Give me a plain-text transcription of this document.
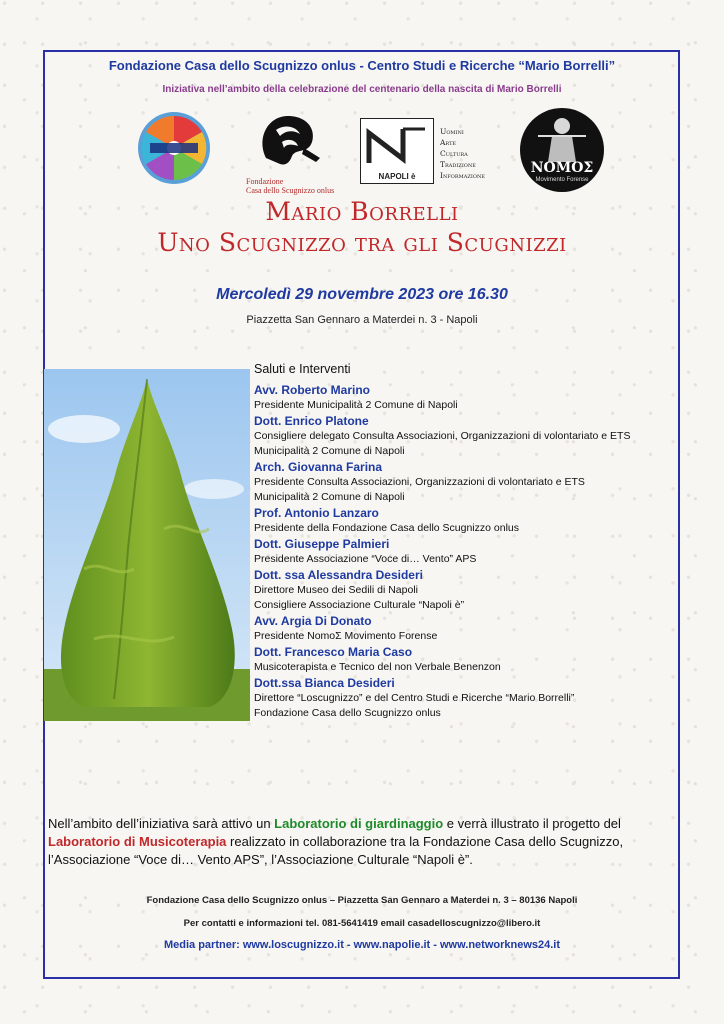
Fondazione Casa dello Scugnizzo onlus - Centro Studi e Ricerche “Mario Borrelli”
Iniziativa nell’ambito della celebrazione del centenario della nascita di Mario Borrelli
Fondazione
Casa dello Scugnizzo onlus
NAPOLI è
Uomini
Arte
Cultura
Tradizione
Informazione	ΝΟΜΟΣ
Movimento Forense
Mario Borrelli
Uno Scugnizzo tra gli Scugnizzi
Mercoledì 29 novembre 2023 ore 16.30
Piazzetta San Gennaro a Materdei n. 3 - Napoli
Saluti e Interventi
Avv. Roberto Marino
Presidente Municipalità 2 Comune di Napoli
Dott. Enrico Platone
Consigliere delegato Consulta Associazioni, Organizzazioni di volontariato e ETS
Municipalità 2 Comune di Napoli
Arch. Giovanna Farina
Presidente Consulta Associazioni, Organizzazioni di volontariato e ETS
Municipalità 2 Comune di Napoli
Prof. Antonio Lanzaro
Presidente della Fondazione Casa dello Scugnizzo onlus
Dott. Giuseppe Palmieri
Presidente Associazione “Voce di… Vento” APS
Dott. ssa Alessandra Desideri
Direttore Museo dei Sedili di Napoli
Consigliere Associazione Culturale “Napoli è”
Avv. Argia Di Donato
Presidente NomoΣ Movimento Forense
Dott. Francesco Maria Caso
Musicoterapista e Tecnico del non Verbale Benenzon
Dott.ssa Bianca Desideri
Direttore “Loscugnizzo” e del Centro Studi e Ricerche “Mario Borrelli”
Fondazione Casa dello Scugnizzo onlus
Nell’ambito dell’iniziativa sarà attivo un Laboratorio di giardinaggio e verrà illustrato il progetto del Laboratorio di Musicoterapia realizzato in collaborazione tra la Fondazione Casa dello Scugnizzo, l’Associazione “Voce di… Vento APS”, l’Associazione Culturale “Napoli è”.
Fondazione Casa dello Scugnizzo onlus – Piazzetta San Gennaro a Materdei n. 3 – 80136 Napoli
Per contatti e informazioni tel. 081-5641419 email casadelloscugnizzo@libero.it
Media partner: www.loscugnizzo.it - www.napolie.it - www.networknews24.it
